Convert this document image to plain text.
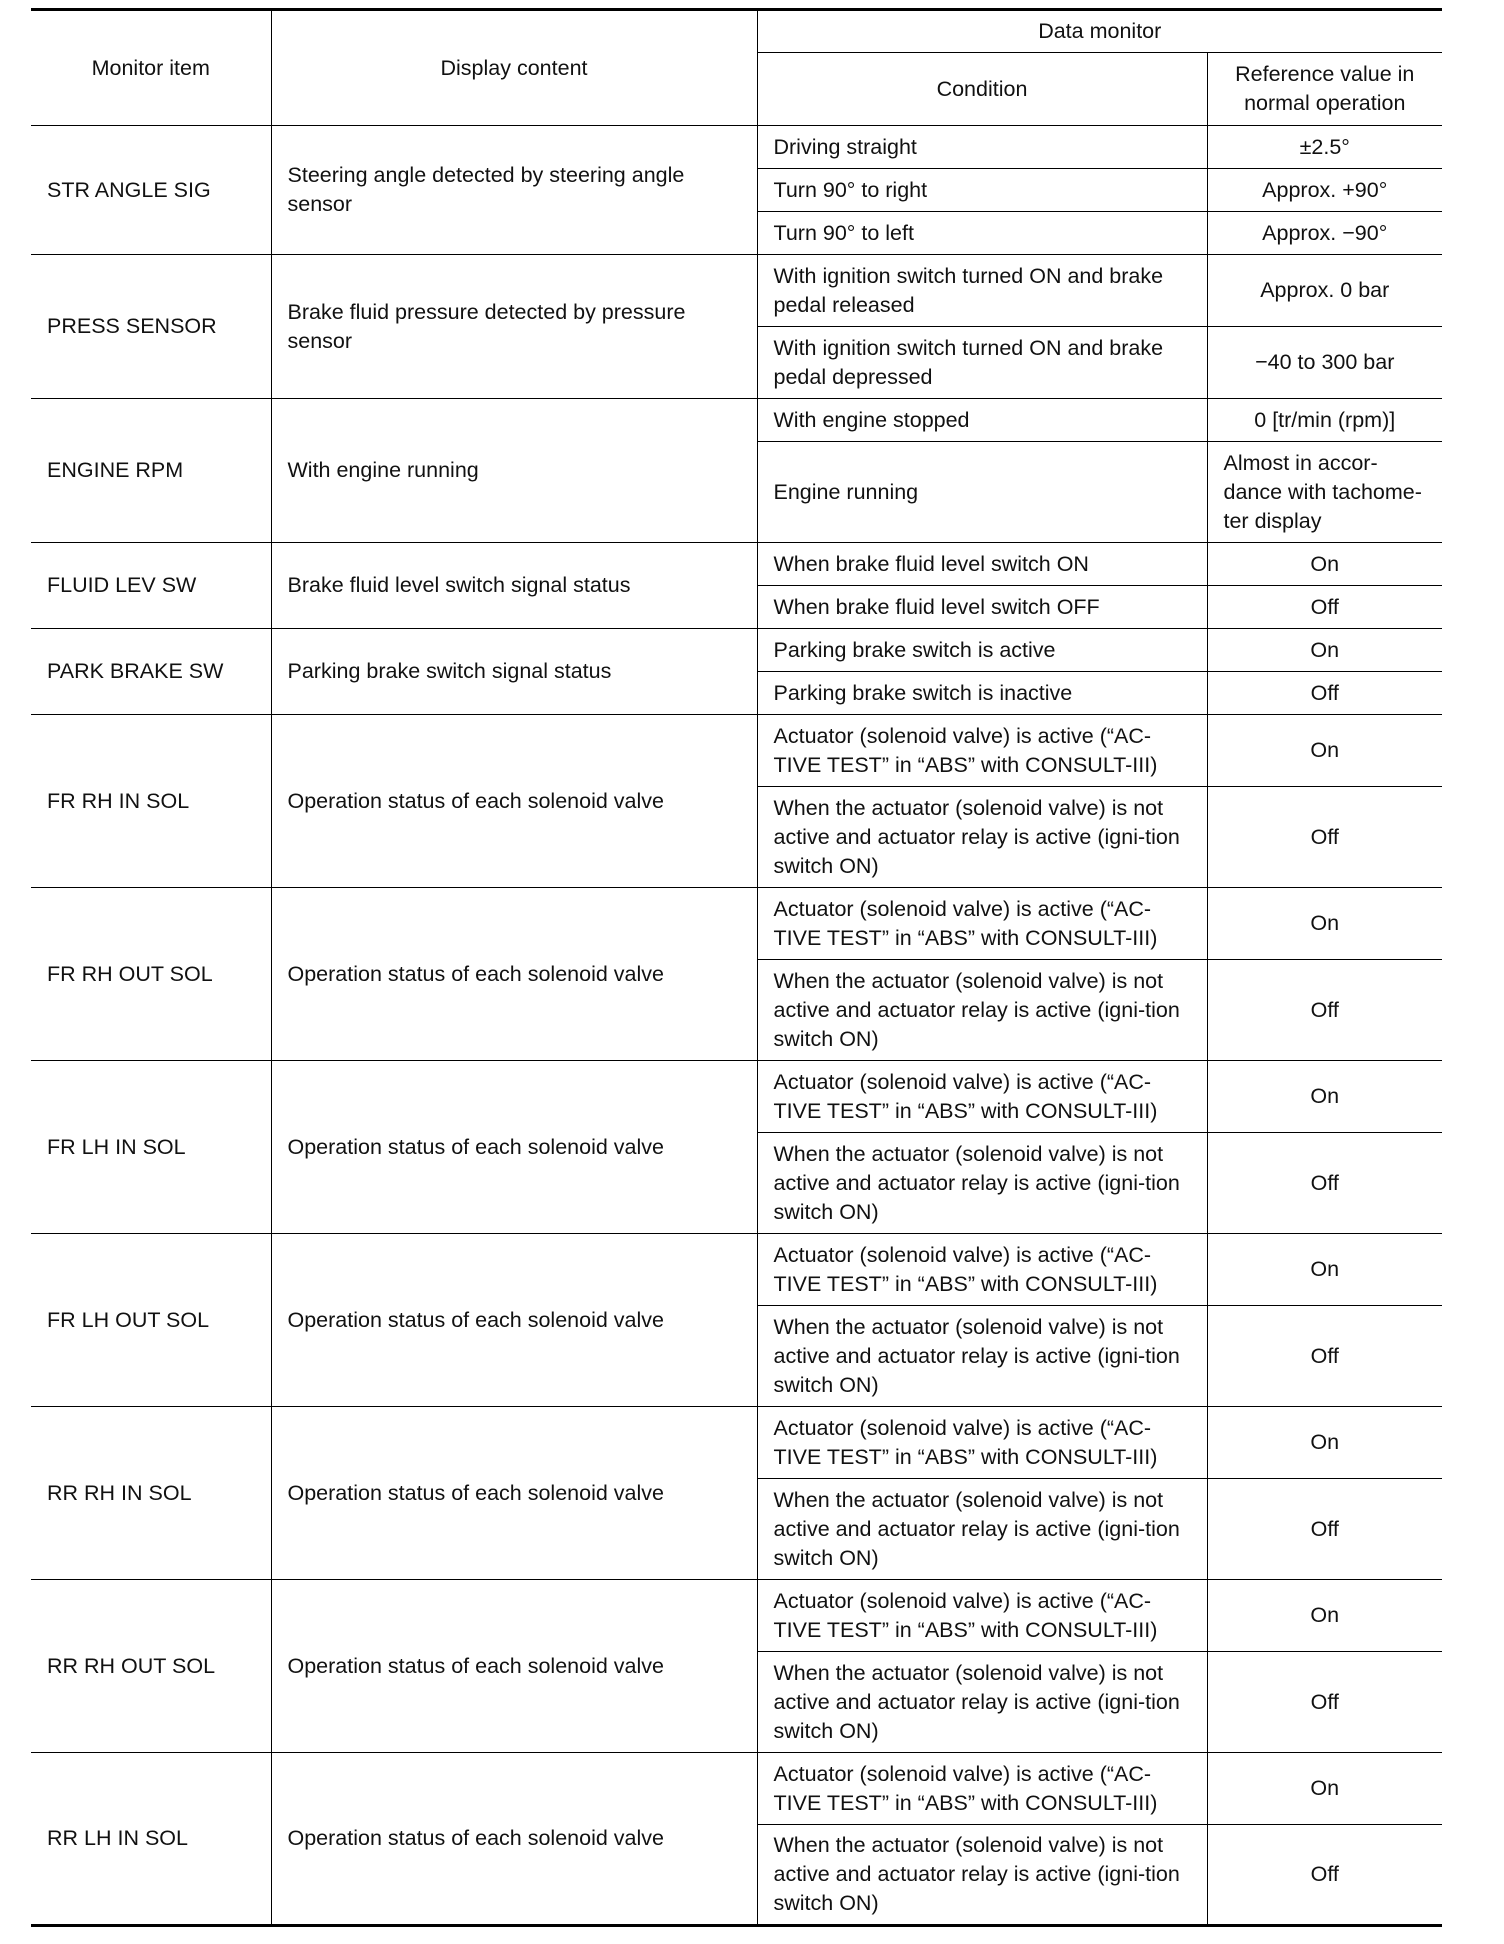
Monitor item	Display content	Data monitor	
		Condition	Reference value in normal operation
STR ANGLE SIG	Steering angle detected by steering angle sensor	Driving straight	±2.5°
		Turn 90° to right	Approx. +90°
		Turn 90° to left	Approx. −90°
PRESS SENSOR	Brake fluid pressure detected by pressure sensor	With ignition switch turned ON and brake pedal released	Approx. 0 bar
		With ignition switch turned ON and brake pedal depressed	−40 to 300 bar
ENGINE RPM	With engine running	With engine stopped	0 [tr/min (rpm)]
		Engine running	Almost in accor-dance with tachome-ter display
FLUID LEV SW	Brake fluid level switch signal status	When brake fluid level switch ON	On
		When brake fluid level switch OFF	Off
PARK BRAKE SW	Parking brake switch signal status	Parking brake switch is active	On
		Parking brake switch is inactive	Off
FR RH IN SOL	Operation status of each solenoid valve	Actuator (solenoid valve) is active (“AC-TIVE TEST” in “ABS” with CONSULT-III)	On
		When the actuator (solenoid valve) is not active and actuator relay is active (igni-tion switch ON)	Off
FR RH OUT SOL	Operation status of each solenoid valve	Actuator (solenoid valve) is active (“AC-TIVE TEST” in “ABS” with CONSULT-III)	On
		When the actuator (solenoid valve) is not active and actuator relay is active (igni-tion switch ON)	Off
FR LH IN SOL	Operation status of each solenoid valve	Actuator (solenoid valve) is active (“AC-TIVE TEST” in “ABS” with CONSULT-III)	On
		When the actuator (solenoid valve) is not active and actuator relay is active (igni-tion switch ON)	Off
FR LH OUT SOL	Operation status of each solenoid valve	Actuator (solenoid valve) is active (“AC-TIVE TEST” in “ABS” with CONSULT-III)	On
		When the actuator (solenoid valve) is not active and actuator relay is active (igni-tion switch ON)	Off
RR RH IN SOL	Operation status of each solenoid valve	Actuator (solenoid valve) is active (“AC-TIVE TEST” in “ABS” with CONSULT-III)	On
		When the actuator (solenoid valve) is not active and actuator relay is active (igni-tion switch ON)	Off
RR RH OUT SOL	Operation status of each solenoid valve	Actuator (solenoid valve) is active (“AC-TIVE TEST” in “ABS” with CONSULT-III)	On
		When the actuator (solenoid valve) is not active and actuator relay is active (igni-tion switch ON)	Off
RR LH IN SOL	Operation status of each solenoid valve	Actuator (solenoid valve) is active (“AC-TIVE TEST” in “ABS” with CONSULT-III)	On
		When the actuator (solenoid valve) is not active and actuator relay is active (igni-tion switch ON)	Off
